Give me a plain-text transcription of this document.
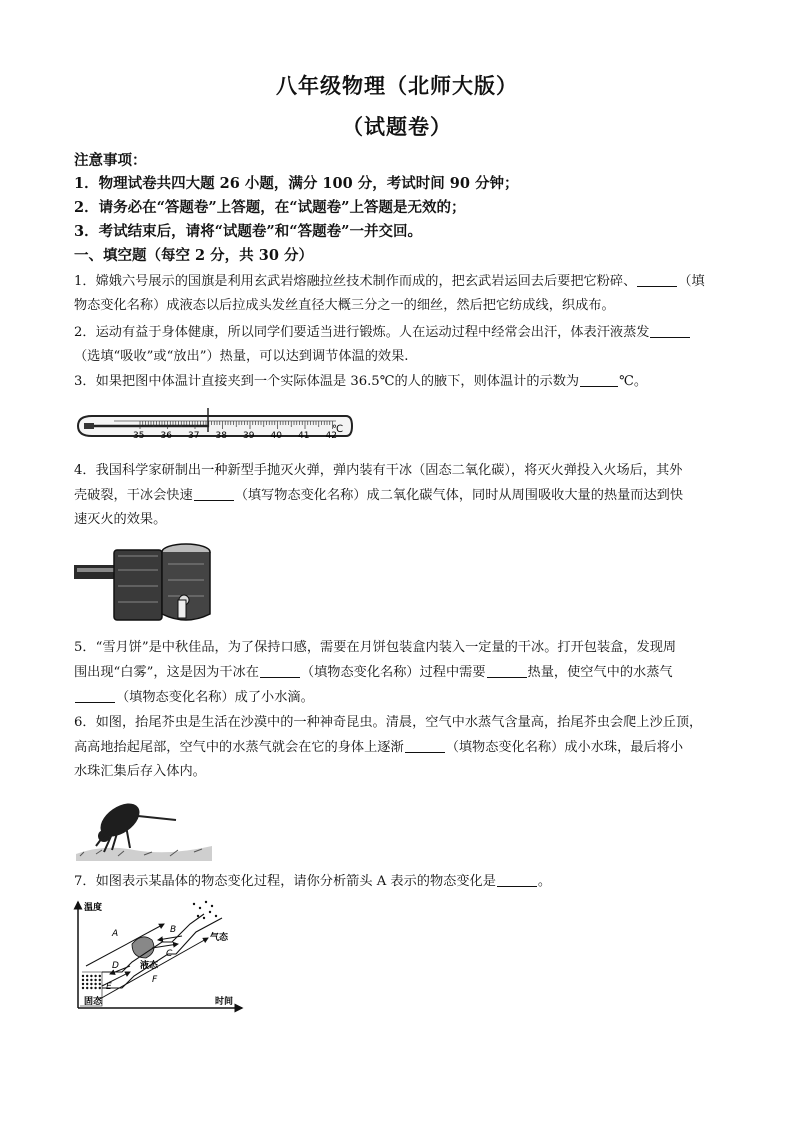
八年级物理（北师大版）
（试题卷）
注意事项：
1．物理试卷共四大题 26 小题，满分 100 分，考试时间 90 分钟；
2．请务必在“答题卷”上答题，在“试题卷”上答题是无效的；
3．考试结束后，请将“试题卷”和“答题卷”一并交回。
一、填空题（每空 2 分，共 30 分）
1．嫦娥六号展示的国旗是利用玄武岩熔融拉丝技术制作而成的，把玄武岩运回去后要把它粉碎、	（填
物态变化名称）成液态以后拉成头发丝直径大概三分之一的细丝，然后把它纺成线，织成布。
2．运动有益于身体健康，所以同学们要适当进行锻炼。人在运动过程中经常会出汗，体表汗液蒸发
（选填“吸收”或“放出”）热量，可以达到调节体温的效果.
3．如果把图中体温计直接夹到一个实际体温是 36.5℃的人的腋下，则体温计的示数为	℃。
35 36 37 38 39 40 41 42
℃
4．我国科学家研制出一种新型手抛灭火弹，弹内装有干冰（固态二氧化碳），将灭火弹投入火场后，其外
壳破裂，干冰会快速	（填写物态变化名称）成二氧化碳气体，同时从周围吸收大量的热量而达到快
速灭火的效果。
5．“雪月饼”是中秋佳品，为了保持口感，需要在月饼包装盒内装入一定量的干冰。打开包装盒，发现周
围出现“白雾”，这是因为干冰在	（填物态变化名称）过程中需要	热量，使空气中的水蒸气
（填物态变化名称）成了小水滴。
6．如图，抬尾芥虫是生活在沙漠中的一种神奇昆虫。清晨，空气中水蒸气含量高，抬尾芥虫会爬上沙丘顶，
高高地抬起尾部，空气中的水蒸气就会在它的身体上逐渐	（填物态变化名称）成小水珠，最后将小
水珠汇集后存入体内。
7．如图表示某晶体的物态变化过程，请你分析箭头 A 表示的物态变化是	。
温度
时间
A	B
C
D
E
F
气态
液态
固态
